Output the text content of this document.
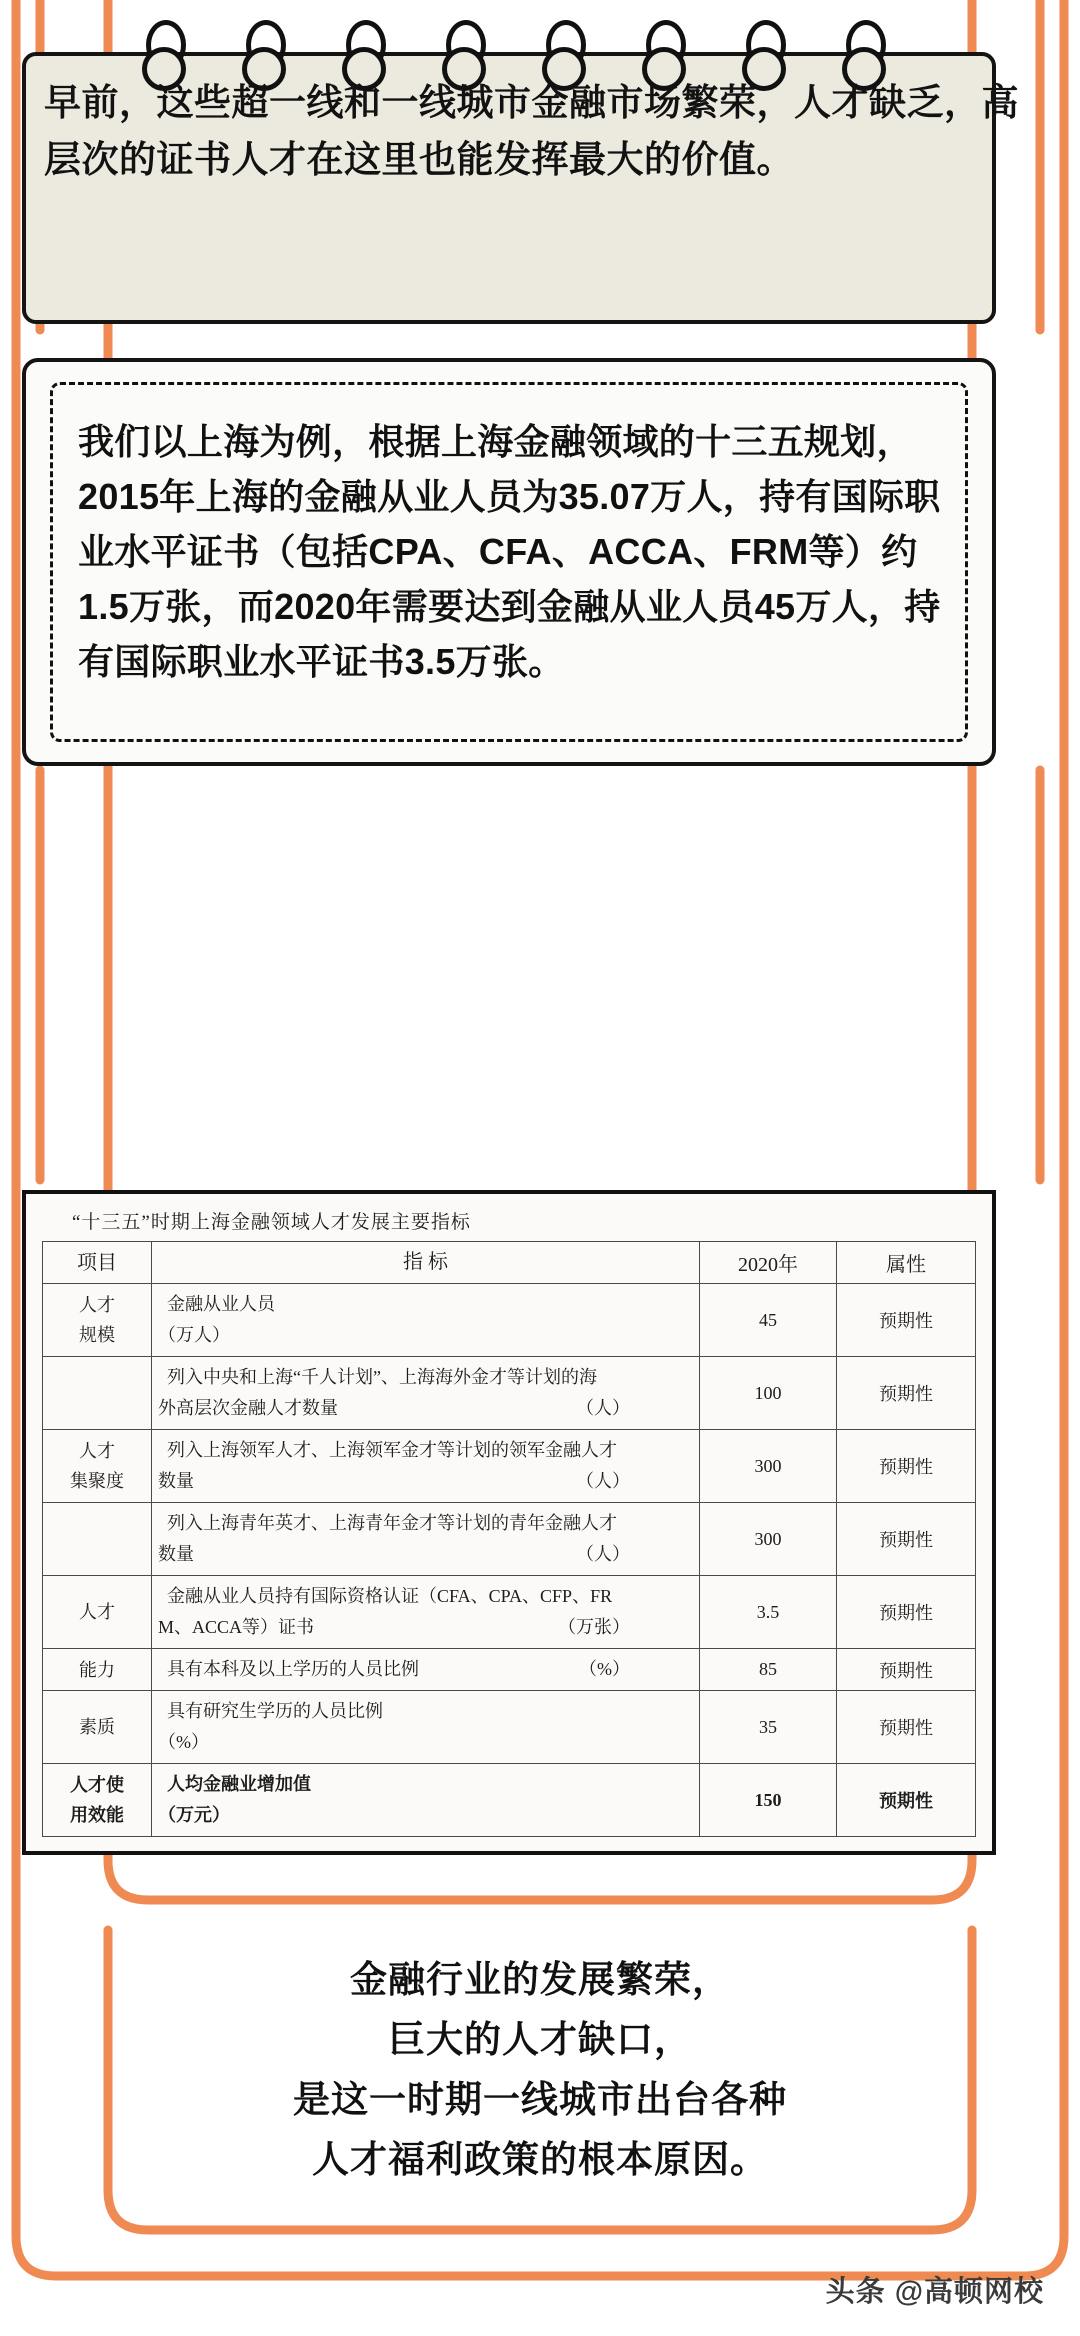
早前，这些超一线和一线城市金融市场繁荣，人才缺乏，高层次的证书人才在这里也能发挥最大的价值。
我们以上海为例，根据上海金融领域的十三五规划，2015年上海的金融从业人员为35.07万人，持有国际职业水平证书（包括CPA、CFA、ACCA、FRM等）约1.5万张，而2020年需要达到金融从业人员45万人，持有国际职业水平证书3.5万张。
“十三五”时期上海金融领域人才发展主要指标
项目	指 标	2020年	属性

人才
规模	金融从业人员
（万人）	45	预期性

	列入中央和上海“千人计划”、上海海外金才等计划的海
外高层次金融人才数量 （人）	100	预期性

人才
集聚度	列入上海领军人才、上海领军金才等计划的领军金融人才
数量 （人）	300	预期性

	列入上海青年英才、上海青年金才等计划的青年金融人才
数量 （人）	300	预期性

人才	金融从业人员持有国际资格认证（CFA、CPA、CFP、FR
M、ACCA等）证书 （万张）	3.5	预期性

能力	具有本科及以上学历的人员比例 （%）	85	预期性

素质	具有研究生学历的人员比例
（%）	35	预期性

人才使
用效能	人均金融业增加值
（万元）	150	预期性
金融行业的发展繁荣，
巨大的人才缺口，
是这一时期一线城市出台各种
人才福利政策的根本原因。
头条 @高顿网校
